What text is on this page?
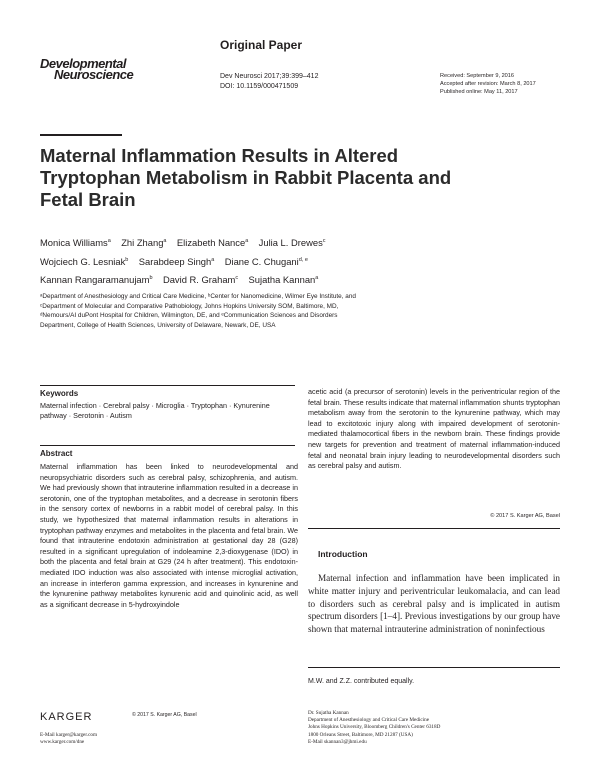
Original Paper
Developmental
Neuroscience	Dev Neurosci 2017;39:399–412
DOI: 10.1159/000471509
Received: September 9, 2016
Accepted after revision: March 8, 2017
Published online: May 11, 2017
Maternal Inflammation Results in Altered Tryptophan Metabolism in Rabbit Placenta and Fetal Brain
Monica Williams$^a$ Zhi Zhang$^a$ Elizabeth Nance$^a$ Julia L. Drewes$^c$
Wojciech G. Lesniak$^b$ Sarabdeep Singh$^a$ Diane C. Chugani$^{d, e}$
Kannan Rangaramanujam$^b$ David R. Graham$^c$ Sujatha Kannan$^a$
ᵃDepartment of Anesthesiology and Critical Care Medicine, ᵇCenter for Nanomedicine, Wilmer Eye Institute, and
ᶜDepartment of Molecular and Comparative Pathobiology, Johns Hopkins University SOM, Baltimore, MD,
ᵈNemours/AI duPont Hospital for Children, Wilmington, DE, and ᵉCommunication Sciences and Disorders
Department, College of Health Sciences, University of Delaware, Newark, DE, USA
Keywords
Maternal infection · Cerebral palsy · Microglia · Tryptophan · Kynurenine pathway · Serotonin · Autism
Abstract
Maternal inflammation has been linked to neurodevelopmental and neuropsychiatric disorders such as cerebral palsy, schizophrenia, and autism. We had previously shown that intrauterine inflammation resulted in a decrease in serotonin, one of the tryptophan metabolites, and a decrease in serotonin fibers in the sensory cortex of newborns in a rabbit model of cerebral palsy. In this study, we hypothesized that maternal inflammation results in alterations in tryptophan pathway enzymes and metabolites in the placenta and fetal brain. We found that intrauterine endotoxin administration at gestational day 28 (G28) resulted in a significant upregulation of indoleamine 2,3-dioxygenase (IDO) in both the placenta and fetal brain at G29 (24 h after treatment). This endotoxin-mediated IDO induction was also associated with intense microglial activation, an increase in interferon gamma expression, and increases in kynurenine and the kynurenine pathway metabolites kynurenic acid and quinolinic acid, as well as a significant decrease in 5-hydroxyindole
acetic acid (a precursor of serotonin) levels in the periventricular region of the fetal brain. These results indicate that maternal inflammation shunts tryptophan metabolism away from the serotonin to the kynurenine pathway, which may lead to excitotoxic injury along with impaired development of serotonin-mediated thalamocortical fibers in the newborn brain. These findings provide new targets for prevention and treatment of maternal inflammation-induced fetal and neonatal brain injury leading to neurodevelopmental disorders such as cerebral palsy and autism.
© 2017 S. Karger AG, Basel
Introduction

Maternal infection and inflammation have been implicated in white matter injury and periventricular leukomalacia, and can lead to disorders such as cerebral palsy and is implicated in autism spectrum disorders [1–4]. Previous investigations by our group have shown that maternal intrauterine administration of noninfectious

M.W. and Z.Z. contributed equally.
KARGER	© 2017 S. Karger AG, Basel
E-Mail karger@karger.com
www.karger.com/dne
Dr. Sujatha Kannan
Department of Anesthesiology and Critical Care Medicine
Johns Hopkins University, Bloomberg Children's Center 6318D
1800 Orleans Street, Baltimore, MD 21287 (USA)
E-Mail skannan3@jhmi.edu
